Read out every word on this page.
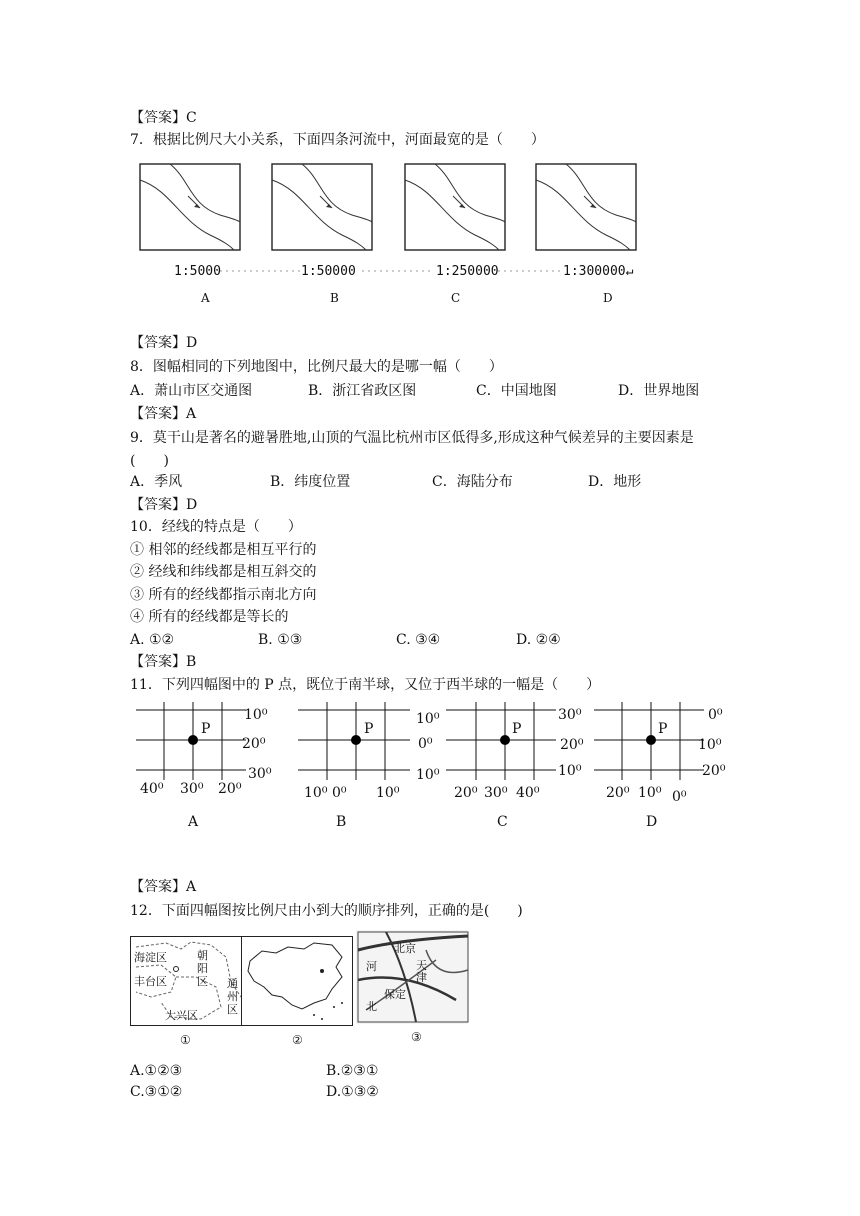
【答案】C
7．根据比例尺大小关系，下面四条河流中，河面最宽的是（　　）
1:5000	1:50000	1:250000	1:300000↵
A	B	C	D
【答案】D
8．图幅相同的下列地图中，比例尺最大的是哪一幅（　　）
A．萧山市区交通图	B．浙江省政区图	C．中国地图	D．世界地图
【答案】A
9．莫干山是著名的避暑胜地,山顶的气温比杭州市区低得多,形成这种气候差异的主要因素是
(　　)
A．季风	B．纬度位置	C．海陆分布	D．地形
【答案】D
10．经线的特点是（　　）
① 相邻的经线都是相互平行的
② 经线和纬线都是相互斜交的
③ 所有的经线都指示南北方向
④ 所有的经线都是等长的
A. ①②	B. ①③	C. ③④	D. ②④
【答案】B
11．下列四幅图中的 P 点，既位于南半球，又位于西半球的一幅是（　　）
P
10⁰
20⁰
30⁰
40⁰ 30⁰ 20⁰
A
P
10⁰
0⁰
10⁰
10⁰ 0⁰ 10⁰
B
P
30⁰
20⁰
10⁰
20⁰ 30⁰ 40⁰
C
P
0⁰
10⁰
20⁰
20⁰ 10⁰ 0⁰
D
【答案】A
12．下面四幅图按比例尺由小到大的顺序排列，正确的是(　　)
海淀区	朝阳区
丰台区	通州区
大兴区
北京
天津
河
北
保定
①	②	③
A.①②③	B.②③①
C.③①②	D.①③②
